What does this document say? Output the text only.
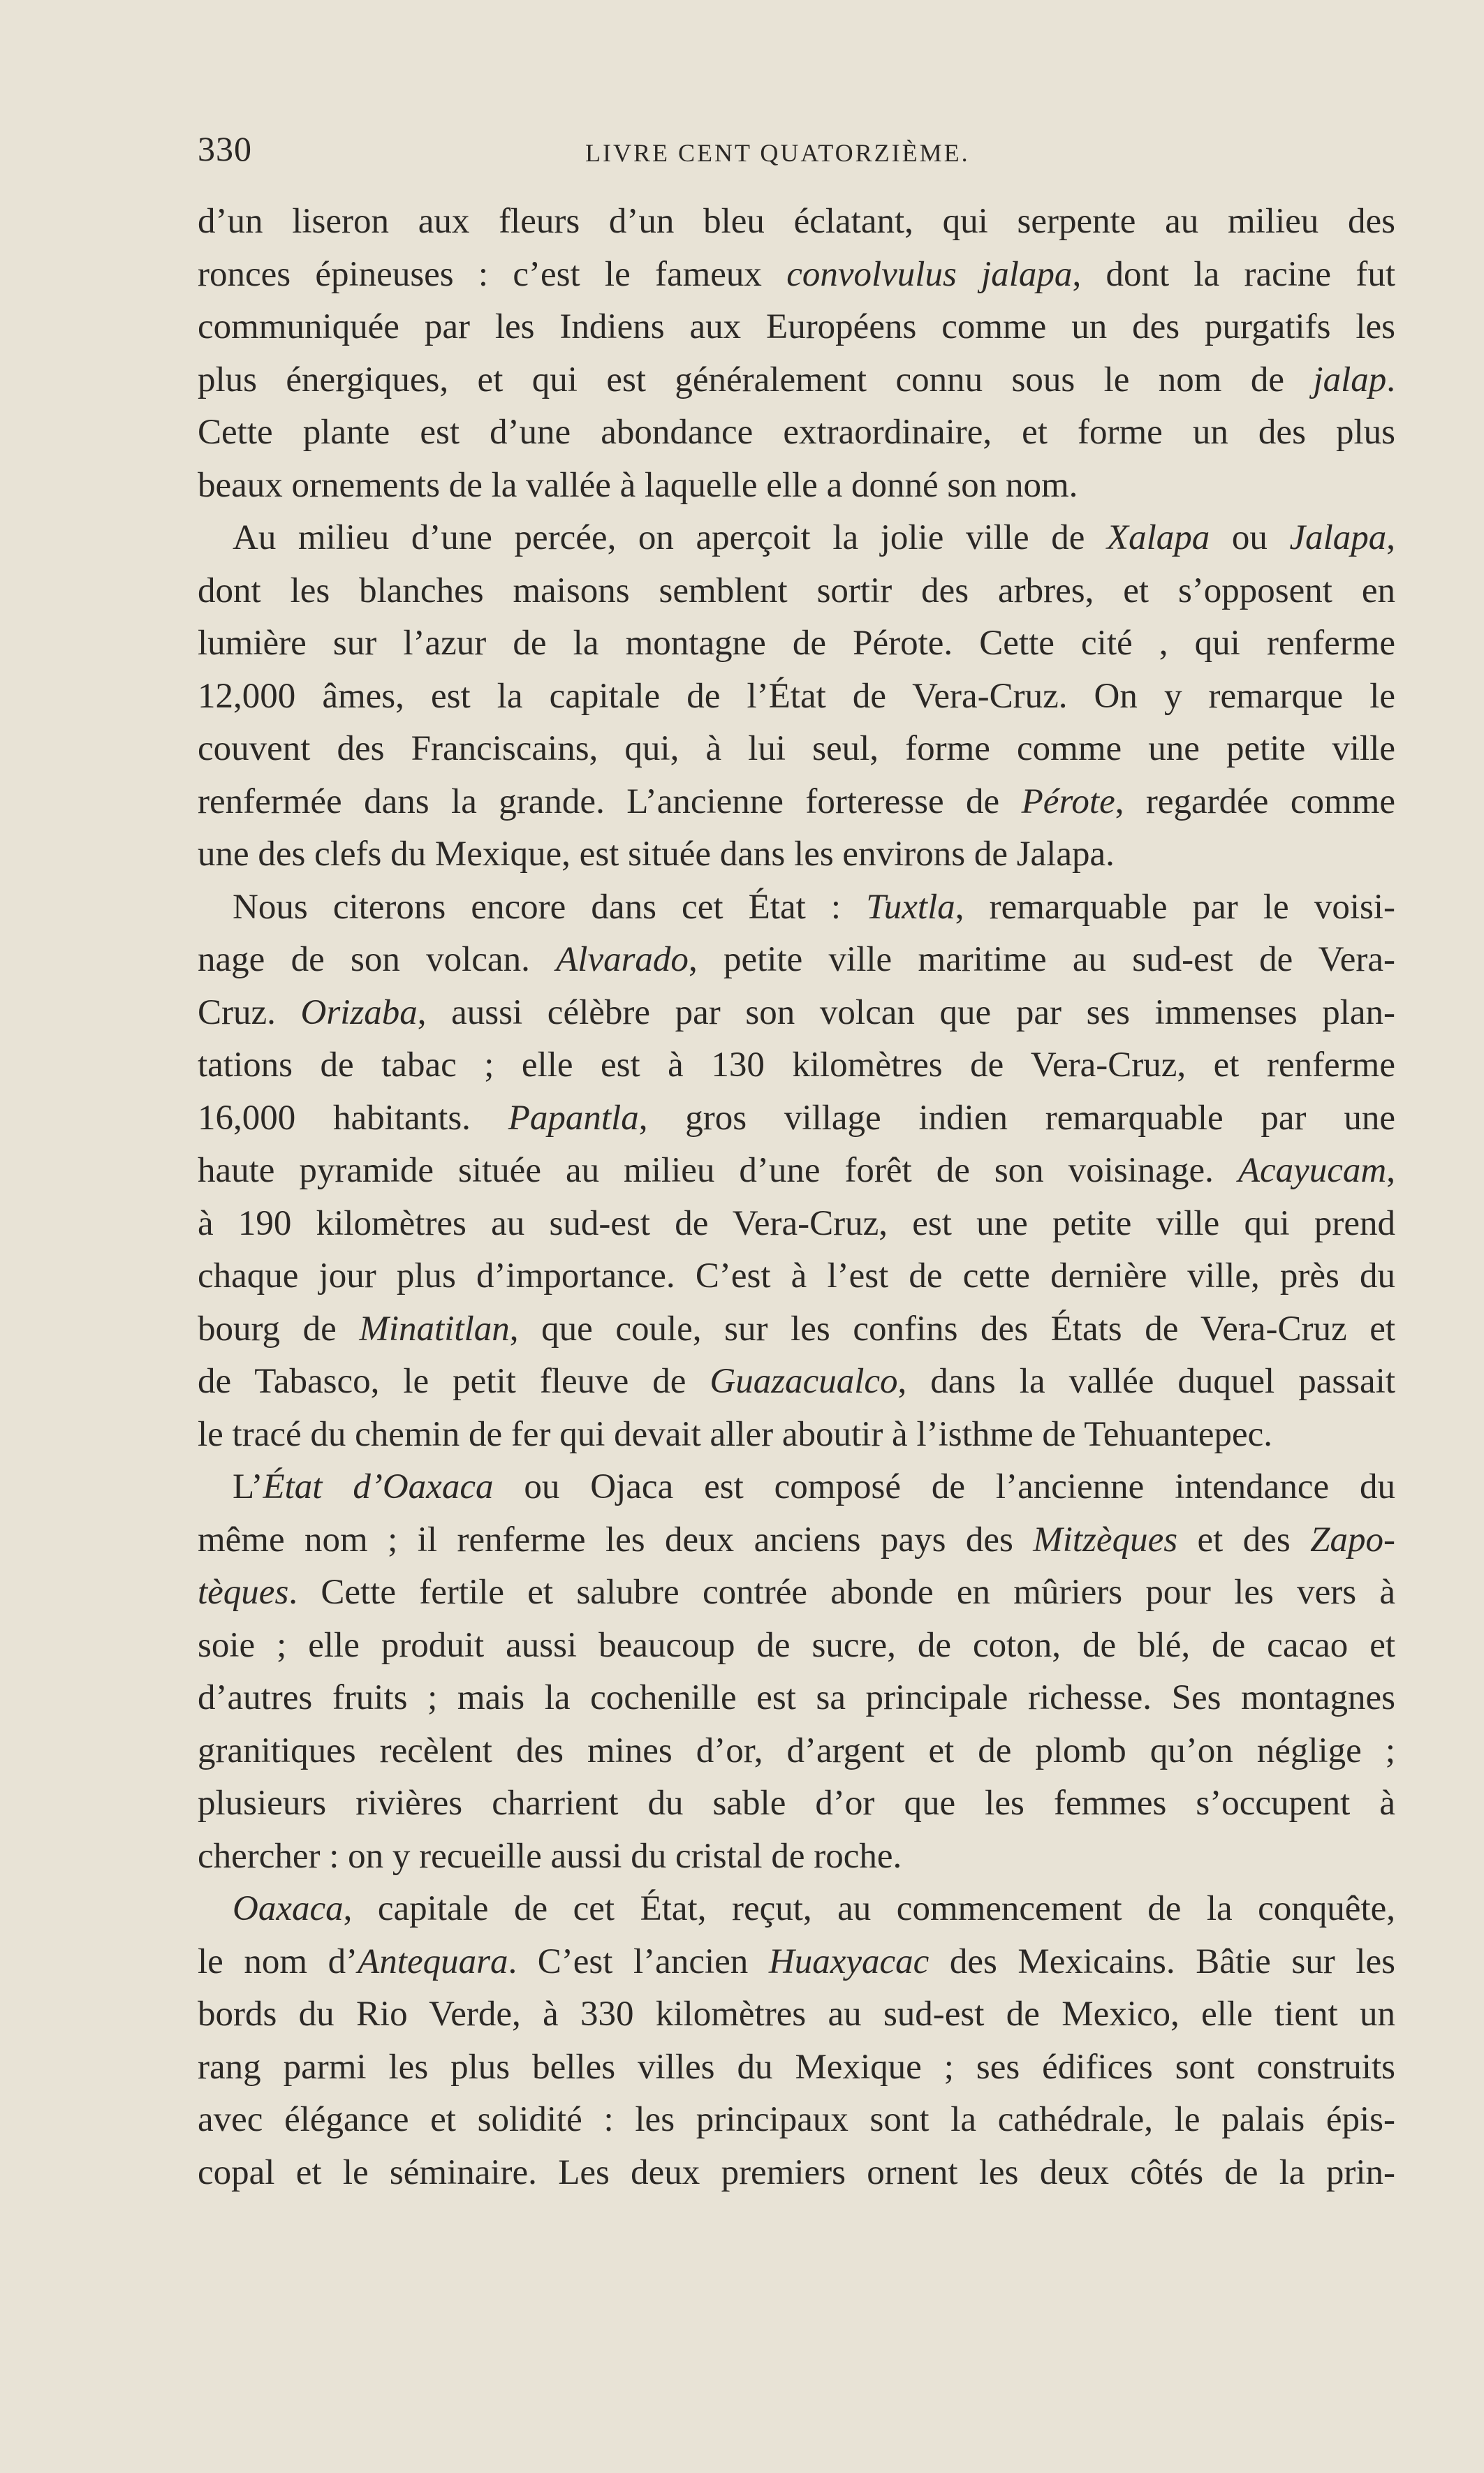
330	LIVRE CENT QUATORZIÈME.
d’un liseron aux fleurs d’un bleu éclatant, qui serpente au milieu des
ronces épineuses : c’est le fameux convolvulus jalapa, dont la racine fut
communiquée par les Indiens aux Européens comme un des purgatifs les
plus énergiques, et qui est généralement connu sous le nom de jalap.
Cette plante est d’une abondance extraordinaire, et forme un des plus
beaux ornements de la vallée à laquelle elle a donné son nom.
Au milieu d’une percée, on aperçoit la jolie ville de Xalapa ou Jalapa,
dont les blanches maisons semblent sortir des arbres, et s’opposent en
lumière sur l’azur de la montagne de Pérote. Cette cité , qui renferme
12,000 âmes, est la capitale de l’État de Vera-Cruz. On y remarque le
couvent des Franciscains, qui, à lui seul, forme comme une petite ville
renfermée dans la grande. L’ancienne forteresse de Pérote, regardée comme
une des clefs du Mexique, est située dans les environs de Jalapa.
Nous citerons encore dans cet État : Tuxtla, remarquable par le voisi-
nage de son volcan. Alvarado, petite ville maritime au sud-est de Vera-
Cruz. Orizaba, aussi célèbre par son volcan que par ses immenses plan-
tations de tabac ; elle est à 130 kilomètres de Vera-Cruz, et renferme
16,000 habitants. Papantla, gros village indien remarquable par une
haute pyramide située au milieu d’une forêt de son voisinage. Acayucam,
à 190 kilomètres au sud-est de Vera-Cruz, est une petite ville qui prend
chaque jour plus d’importance. C’est à l’est de cette dernière ville, près du
bourg de Minatitlan, que coule, sur les confins des États de Vera-Cruz et
de Tabasco, le petit fleuve de Guazacualco, dans la vallée duquel passait
le tracé du chemin de fer qui devait aller aboutir à l’isthme de Tehuantepec.
L’État d’Oaxaca ou Ojaca est composé de l’ancienne intendance du
même nom ; il renferme les deux anciens pays des Mitzèques et des Zapo-
tèques. Cette fertile et salubre contrée abonde en mûriers pour les vers à
soie ; elle produit aussi beaucoup de sucre, de coton, de blé, de cacao et
d’autres fruits ; mais la cochenille est sa principale richesse. Ses montagnes
granitiques recèlent des mines d’or, d’argent et de plomb qu’on néglige ;
plusieurs rivières charrient du sable d’or que les femmes s’occupent à
chercher : on y recueille aussi du cristal de roche.
Oaxaca, capitale de cet État, reçut, au commencement de la conquête,
le nom d’Antequara. C’est l’ancien Huaxyacac des Mexicains. Bâtie sur les
bords du Rio Verde, à 330 kilomètres au sud-est de Mexico, elle tient un
rang parmi les plus belles villes du Mexique ; ses édifices sont construits
avec élégance et solidité : les principaux sont la cathédrale, le palais épis-
copal et le séminaire. Les deux premiers ornent les deux côtés de la prin-
